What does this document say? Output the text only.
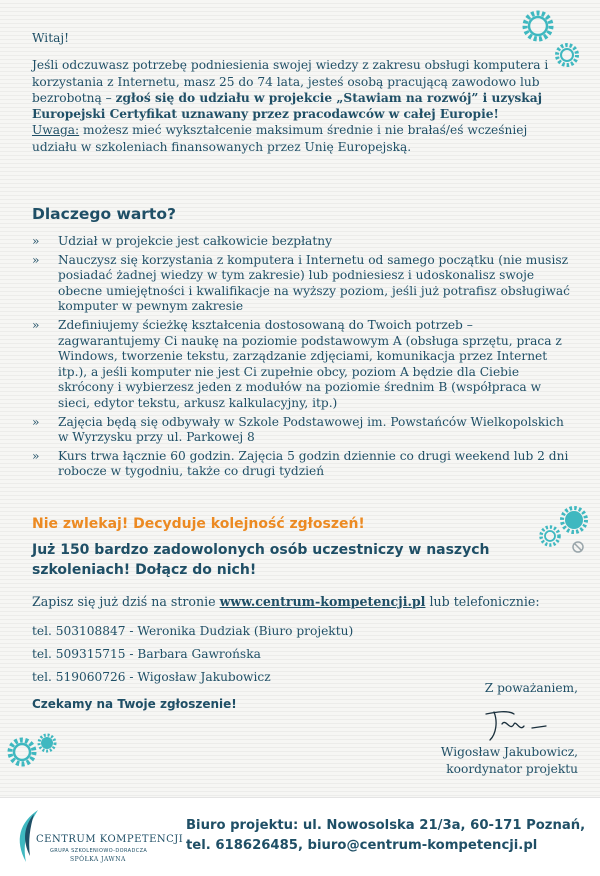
Witaj!

Jeśli odczuwasz potrzebę podniesienia swojej wiedzy z zakresu obsługi komputera i korzystania z Internetu, masz 25 do 74 lata, jesteś osobą pracującą zawodowo lub bezrobotną – zgłoś się do udziału w projekcie „Stawiam na rozwój” i uzyskaj Europejski Certyfikat uznawany przez pracodawców w całej Europie!

Uwaga: możesz mieć wykształcenie maksimum średnie i nie brałaś/eś wcześniej udziału w szkoleniach finansowanych przez Unię Europejską.

Dlaczego warto?
» Udział w projekcie jest całkowicie bezpłatny
» Nauczysz się korzystania z komputera i Internetu od samego początku (nie musisz posiadać żadnej wiedzy w tym zakresie) lub podniesiesz i udoskonalisz swoje obecne umiejętności i kwalifikacje na wyższy poziom, jeśli już potrafisz obsługiwać komputer w pewnym zakresie
» Zdefiniujemy ścieżkę kształcenia dostosowaną do Twoich potrzeb – zagwarantujemy Ci naukę na poziomie podstawowym A (obsługa sprzętu, praca z Windows, tworzenie tekstu, zarządzanie zdjęciami, komunikacja przez Internet itp.), a jeśli komputer nie jest Ci zupełnie obcy, poziom A będzie dla Ciebie skrócony i wybierzesz jeden z modułów na poziomie średnim B (współpraca w sieci, edytor tekstu, arkusz kalkulacyjny, itp.)
» Zajęcia będą się odbywały w Szkole Podstawowej im. Powstańców Wielkopolskich w Wyrzysku przy ul. Parkowej 8
» Kurs trwa łącznie 60 godzin. Zajęcia 5 godzin dziennie co drugi weekend lub 2 dni robocze w tygodniu, także co drugi tydzień

Nie zwlekaj! Decyduje kolejność zgłoszeń!

Już 150 bardzo zadowolonych osób uczestniczy w naszych szkoleniach! Dołącz do nich!

Zapisz się już dziś na stronie www.centrum-kompetencji.pl lub telefonicznie:

tel. 503108847 - Weronika Dudziak (Biuro projektu)
tel. 509315715 - Barbara Gawrońska
tel. 519060726 - Wigosław Jakubowicz

Czekamy na Twoje zgłoszenie!

Z poważaniem,

Wigosław Jakubowicz,
koordynator projektu

CENTRUM KOMPETENCJI
GRUPA SZKOLENIOWO-DORADCZA
SPÓŁKA JAWNA

Biuro projektu: ul. Nowosolska 21/3a, 60-171 Poznań,
tel. 618626485, biuro@centrum-kompetencji.pl
